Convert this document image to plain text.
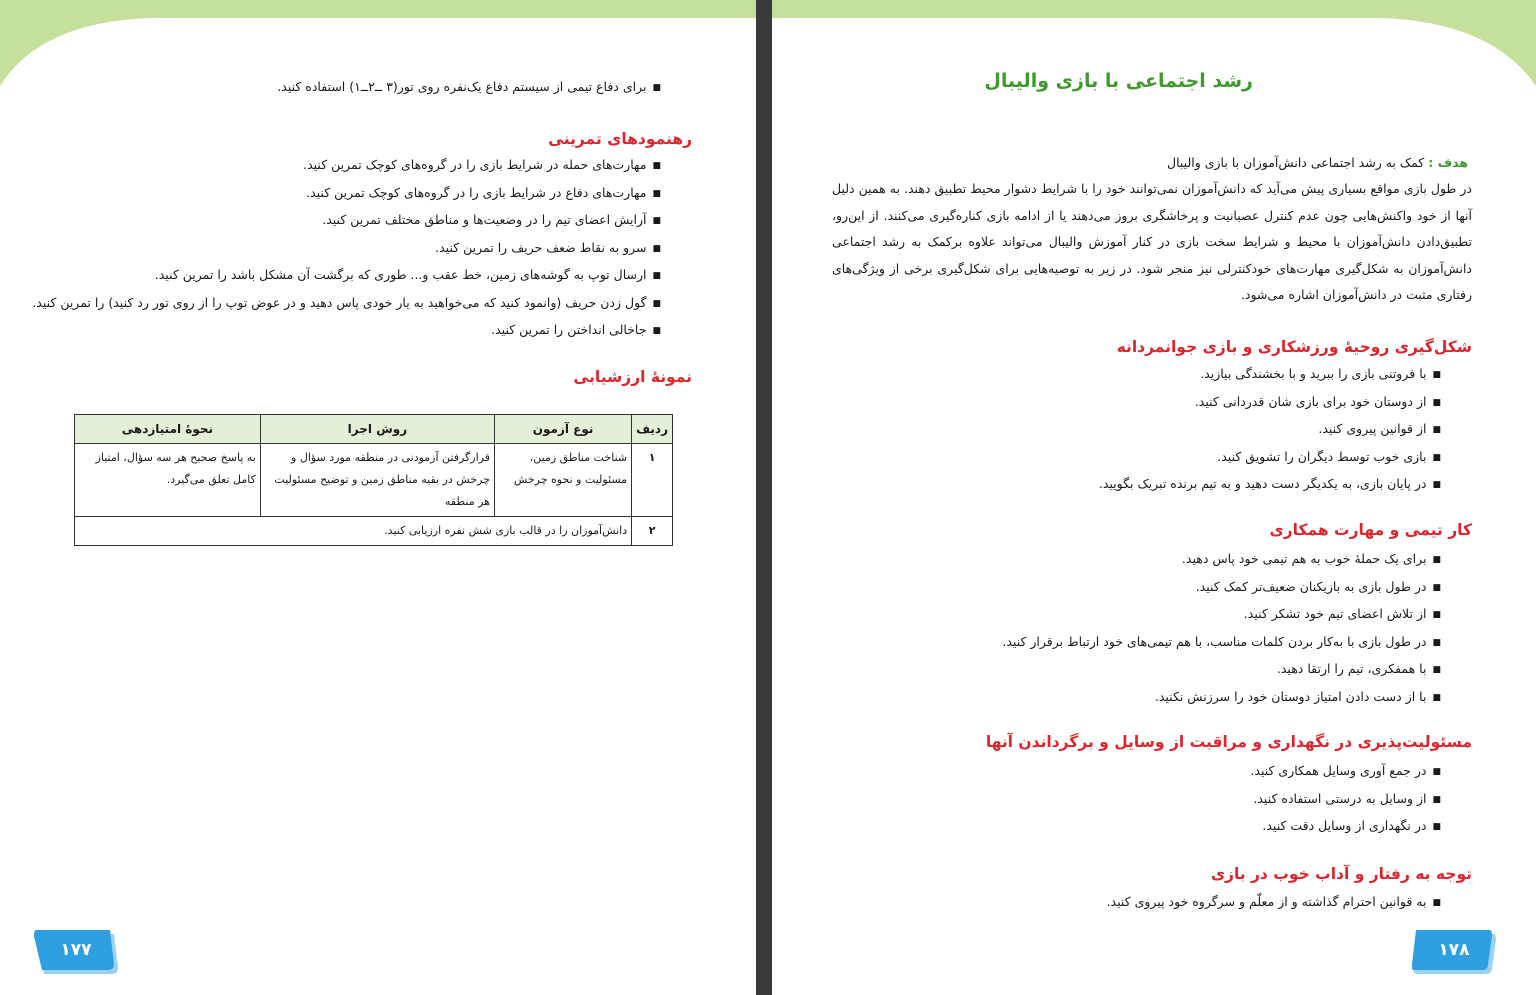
■ برای دفاع تیمی از سیستم دفاع یک‌نفره روی تور(۳ ــ۲ــ۱) استفاده کنید.
رهنمودهای تمرینی
■ مهارت‌های حمله در شرایط بازی را در گروه‌های کوچک تمرین کنید.
■ مهارت‌های دفاع در شرایط بازی را در گروه‌های کوچک تمرین کنید.
■ آرایش اعضای تیم را در وضعیت‌ها و مناطق مختلف تمرین کنید.
■ سرو به نقاط ضعف حریف را تمرین کنید.
■ ارسال توپ به گوشه‌های زمین، خط عقب و... طوری که برگشت آن مشکل باشد را تمرین کنید.
■ گول زدن حریف (وانمود کنید که می‌خواهید به یار خودی پاس دهید و در عوض توپ را از روی تور رد کنید) را تمرین کنید.
■ جاخالی انداختن را تمرین کنید.
نمونهٔ ارزشیابی
ردیف	نوع آزمون	روش اجرا	نحوهٔ امتیازدهی
۱	شناخت مناطق زمین، مسئولیت و نحوه چرخش	قرارگرفتن آزمودنی در منطقه مورد سؤال و چرخش در بقیه مناطق زمین و توضیح مسئولیت هر منطقه	به پاسخ صحیح هر سه سؤال، امتیاز کامل تعلق می‌گیرد.
۲	دانش‌آموزان را در قالب بازی شش نفره ارزیابی کنید.		
۱۷۷
رشد اجتماعی با بازی والیبال
هدف : کمک به رشد اجتماعی دانش‌آموزان با بازی والیبال
در طول بازی مواقع بسیاری پیش می‌آید که دانش‌آموزان نمی‌توانند خود را با شرایط دشوار محیط تطبیق دهند. به همین دلیل آنها از خود واکنش‌هایی چون عدم کنترل عصبانیت و پرخاشگری بروز می‌دهند یا از ادامه بازی کناره‌گیری می‌کنند. از این‌رو، تطبیق‌دادن دانش‌آموزان با محیط و شرایط سخت بازی در کنار آموزش والیبال می‌تواند علاوه برکمک به رشد اجتماعی دانش‌آموزان به شکل‌گیری مهارت‌های خودکنترلی نیز منجر شود. در زیر به توصیه‌هایی برای شکل‌گیری برخی از ویژگی‌های رفتاری مثبت در دانش‌آموزان اشاره می‌شود.
شکل‌گیری روحیهٔ ورزشکاری و بازی جوانمردانه
■ با فروتنی بازی را ببرید و با بخشندگی بیازید.
■ از دوستان خود برای بازی شان قدردانی کنید.
■ از قوانین پیروی کنید.
■ بازی خوب توسط دیگران را تشویق کنید.
■ در پایان بازی، به یکدیگر دست دهید و به تیم برنده تبریک بگویید.
کار تیمی و مهارت همکاری
■ برای یک حملهٔ خوب به هم تیمی خود پاس دهید.
■ در طول بازی به بازیکنان ضعیف‌تر کمک کنید.
■ از تلاش اعضای تیم خود تشکر کنید.
■ در طول بازی با به‌کار بردن کلمات مناسب، با هم تیمی‌های خود ارتباط برقرار کنید.
■ با همفکری، تیم را ارتقا دهید.
■ با از دست دادن امتیاز دوستان خود را سرزنش نکنید.
مسئولیت‌پذیری در نگهداری و مراقبت از وسایل و برگرداندن آنها
■ در جمع آوری وسایل همکاری کنید.
■ از وسایل به درستی استفاده کنید.
■ در نگهداری از وسایل دقت کنید.
توجه به رفتار و آداب خوب در بازی
■ به قوانین احترام گذاشته و از معلّم و سرگروه خود پیروی کنید.
۱۷۸
